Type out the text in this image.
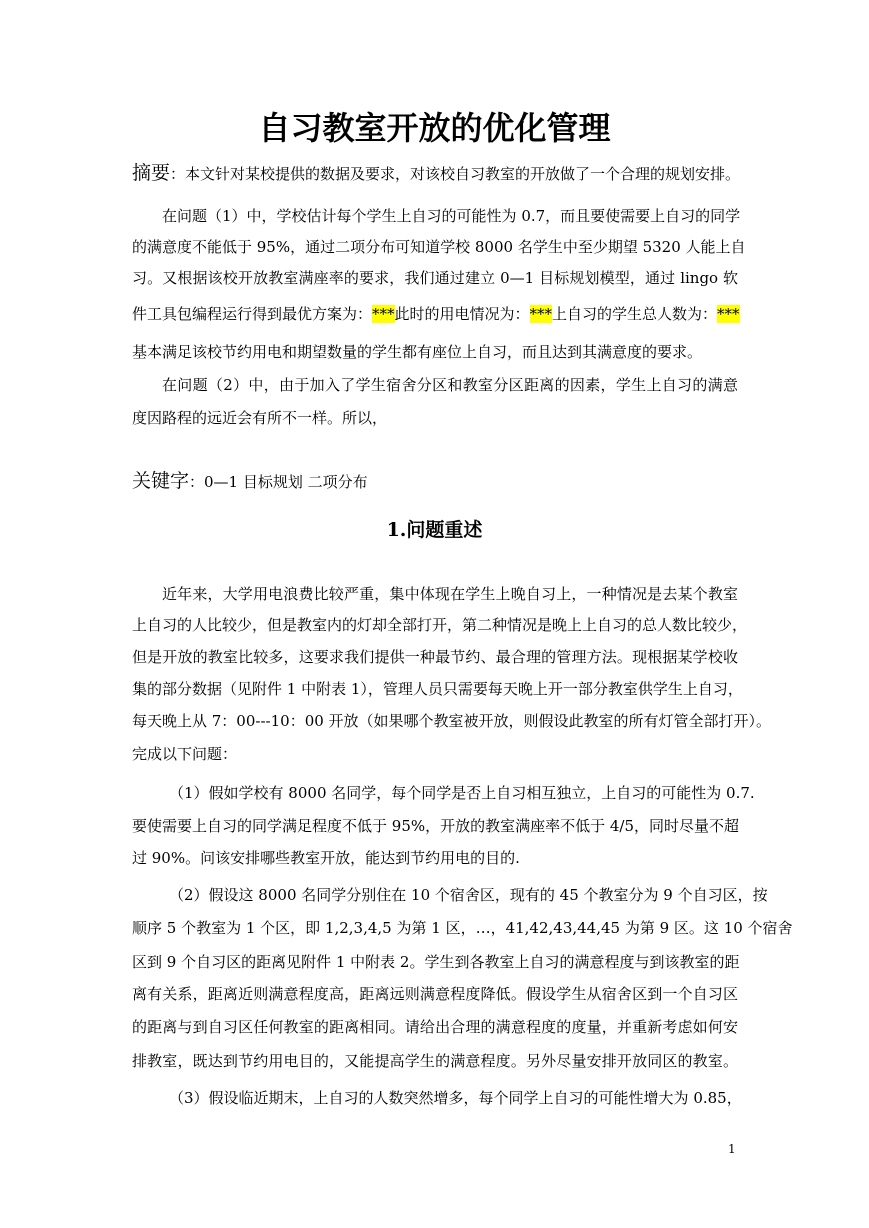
自习教室开放的优化管理
摘要：本文针对某校提供的数据及要求，对该校自习教室的开放做了一个合理的规划安排。
在问题（1）中，学校估计每个学生上自习的可能性为 0.7，而且要使需要上自习的同学
的满意度不能低于 95%，通过二项分布可知道学校 8000 名学生中至少期望 5320 人能上自
习。又根据该校开放教室满座率的要求，我们通过建立 0—1 目标规划模型，通过 lingo 软
件工具包编程运行得到最优方案为：***此时的用电情况为：***上自习的学生总人数为：***
基本满足该校节约用电和期望数量的学生都有座位上自习，而且达到其满意度的要求。
在问题（2）中，由于加入了学生宿舍分区和教室分区距离的因素，学生上自习的满意
度因路程的远近会有所不一样。所以，
关键字：0—1 目标规划 二项分布
1.问题重述
近年来，大学用电浪费比较严重，集中体现在学生上晚自习上，一种情况是去某个教室
上自习的人比较少，但是教室内的灯却全部打开，第二种情况是晚上上自习的总人数比较少，
但是开放的教室比较多，这要求我们提供一种最节约、最合理的管理方法。现根据某学校收
集的部分数据（见附件 1 中附表 1），管理人员只需要每天晚上开一部分教室供学生上自习，
每天晚上从 7：00---10：00 开放（如果哪个教室被开放，则假设此教室的所有灯管全部打开）。
完成以下问题：
（1）假如学校有 8000 名同学，每个同学是否上自习相互独立，上自习的可能性为 0.7.
要使需要上自习的同学满足程度不低于 95%，开放的教室满座率不低于 4/5，同时尽量不超
过 90%。问该安排哪些教室开放，能达到节约用电的目的.
（2）假设这 8000 名同学分别住在 10 个宿舍区，现有的 45 个教室分为 9 个自习区，按
顺序 5 个教室为 1 个区，即 1,2,3,4,5 为第 1 区，…，41,42,43,44,45 为第 9 区。这 10 个宿舍
区到 9 个自习区的距离见附件 1 中附表 2。学生到各教室上自习的满意程度与到该教室的距
离有关系，距离近则满意程度高，距离远则满意程度降低。假设学生从宿舍区到一个自习区
的距离与到自习区任何教室的距离相同。请给出合理的满意程度的度量，并重新考虑如何安
排教室，既达到节约用电目的，又能提高学生的满意程度。另外尽量安排开放同区的教室。
（3）假设临近期末，上自习的人数突然增多，每个同学上自习的可能性增大为 0.85，
1
